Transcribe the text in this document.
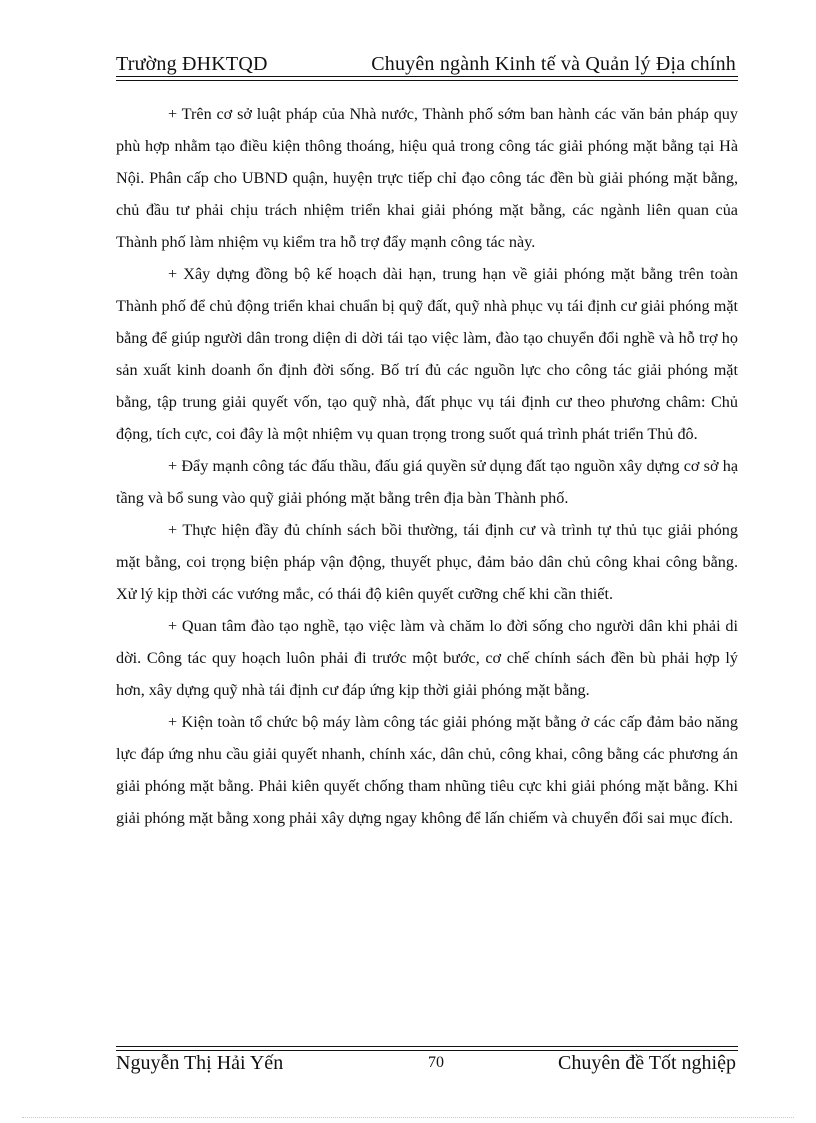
Trường ĐHKTQD	Chuyên ngành Kinh tế và Quản lý Địa chính

+ Trên cơ sở luật pháp của Nhà nước, Thành phố sớm ban hành các văn bản pháp quy phù hợp nhằm tạo điều kiện thông thoáng, hiệu quả trong công tác giải phóng mặt bằng tại Hà Nội. Phân cấp cho UBND quận, huyện trực tiếp chỉ đạo công tác đền bù giải phóng mặt bằng, chủ đầu tư phải chịu trách nhiệm triển khai giải phóng mặt bằng, các ngành liên quan của Thành phố làm nhiệm vụ kiểm tra hỗ trợ đẩy mạnh công tác này.

+ Xây dựng đồng bộ kế hoạch dài hạn, trung hạn về giải phóng mặt bằng trên toàn Thành phố để chủ động triển khai chuẩn bị quỹ đất, quỹ nhà phục vụ tái định cư giải phóng mặt bằng để giúp người dân trong diện di dời tái tạo việc làm, đào tạo chuyển đổi nghề và hỗ trợ họ sản xuất kinh doanh ổn định đời sống. Bố trí đủ các nguồn lực cho công tác giải phóng mặt bằng, tập trung giải quyết vốn, tạo quỹ nhà, đất phục vụ tái định cư theo phương châm: Chủ động, tích cực, coi đây là một nhiệm vụ quan trọng trong suốt quá trình phát triển Thủ đô.

+ Đẩy mạnh công tác đấu thầu, đấu giá quyền sử dụng đất tạo nguồn xây dựng cơ sở hạ tầng và bổ sung vào quỹ giải phóng mặt bằng trên địa bàn Thành phố.

+ Thực hiện đầy đủ chính sách bồi thường, tái định cư và trình tự thủ tục giải phóng mặt bằng, coi trọng biện pháp vận động, thuyết phục, đảm bảo dân chủ công khai công bằng. Xử lý kịp thời các vướng mắc, có thái độ kiên quyết cưỡng chế khi cần thiết.

+ Quan tâm đào tạo nghề, tạo việc làm và chăm lo đời sống cho người dân khi phải di dời. Công tác quy hoạch luôn phải đi trước một bước, cơ chế chính sách đền bù phải hợp lý hơn, xây dựng quỹ nhà tái định cư đáp ứng kịp thời giải phóng mặt bằng.

+ Kiện toàn tổ chức bộ máy làm công tác giải phóng mặt bằng ở các cấp đảm bảo năng lực đáp ứng nhu cầu giải quyết nhanh, chính xác, dân chủ, công khai, công bằng các phương án giải phóng mặt bằng. Phải kiên quyết chống tham nhũng tiêu cực khi giải phóng mặt bằng. Khi giải phóng mặt bằng xong phải xây dựng ngay không để lấn chiếm và chuyển đổi sai mục đích.

Nguyễn Thị Hải Yến	70	Chuyên đề Tốt nghiệp
